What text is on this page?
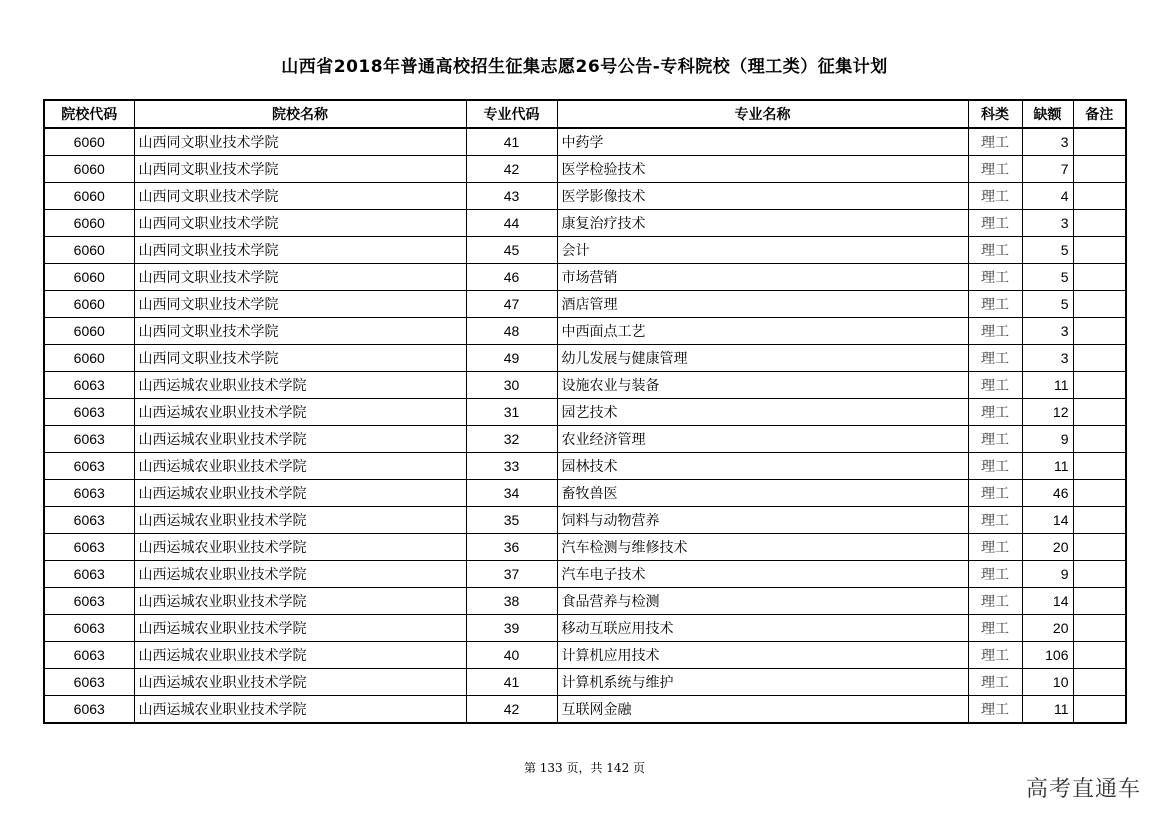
山西省2018年普通高校招生征集志愿26号公告-专科院校（理工类）征集计划
院校代码	院校名称	专业代码	专业名称	科类	缺额	备注
6060	山西同文职业技术学院	41	中药学	理工	3	
6060	山西同文职业技术学院	42	医学检验技术	理工	7	
6060	山西同文职业技术学院	43	医学影像技术	理工	4	
6060	山西同文职业技术学院	44	康复治疗技术	理工	3	
6060	山西同文职业技术学院	45	会计	理工	5	
6060	山西同文职业技术学院	46	市场营销	理工	5	
6060	山西同文职业技术学院	47	酒店管理	理工	5	
6060	山西同文职业技术学院	48	中西面点工艺	理工	3	
6060	山西同文职业技术学院	49	幼儿发展与健康管理	理工	3	
6063	山西运城农业职业技术学院	30	设施农业与装备	理工	11	
6063	山西运城农业职业技术学院	31	园艺技术	理工	12	
6063	山西运城农业职业技术学院	32	农业经济管理	理工	9	
6063	山西运城农业职业技术学院	33	园林技术	理工	11	
6063	山西运城农业职业技术学院	34	畜牧兽医	理工	46	
6063	山西运城农业职业技术学院	35	饲料与动物营养	理工	14	
6063	山西运城农业职业技术学院	36	汽车检测与维修技术	理工	20	
6063	山西运城农业职业技术学院	37	汽车电子技术	理工	9	
6063	山西运城农业职业技术学院	38	食品营养与检测	理工	14	
6063	山西运城农业职业技术学院	39	移动互联应用技术	理工	20	
6063	山西运城农业职业技术学院	40	计算机应用技术	理工	106	
6063	山西运城农业职业技术学院	41	计算机系统与维护	理工	10	
6063	山西运城农业职业技术学院	42	互联网金融	理工	11	
第 133 页，共 142 页
高考直通车
